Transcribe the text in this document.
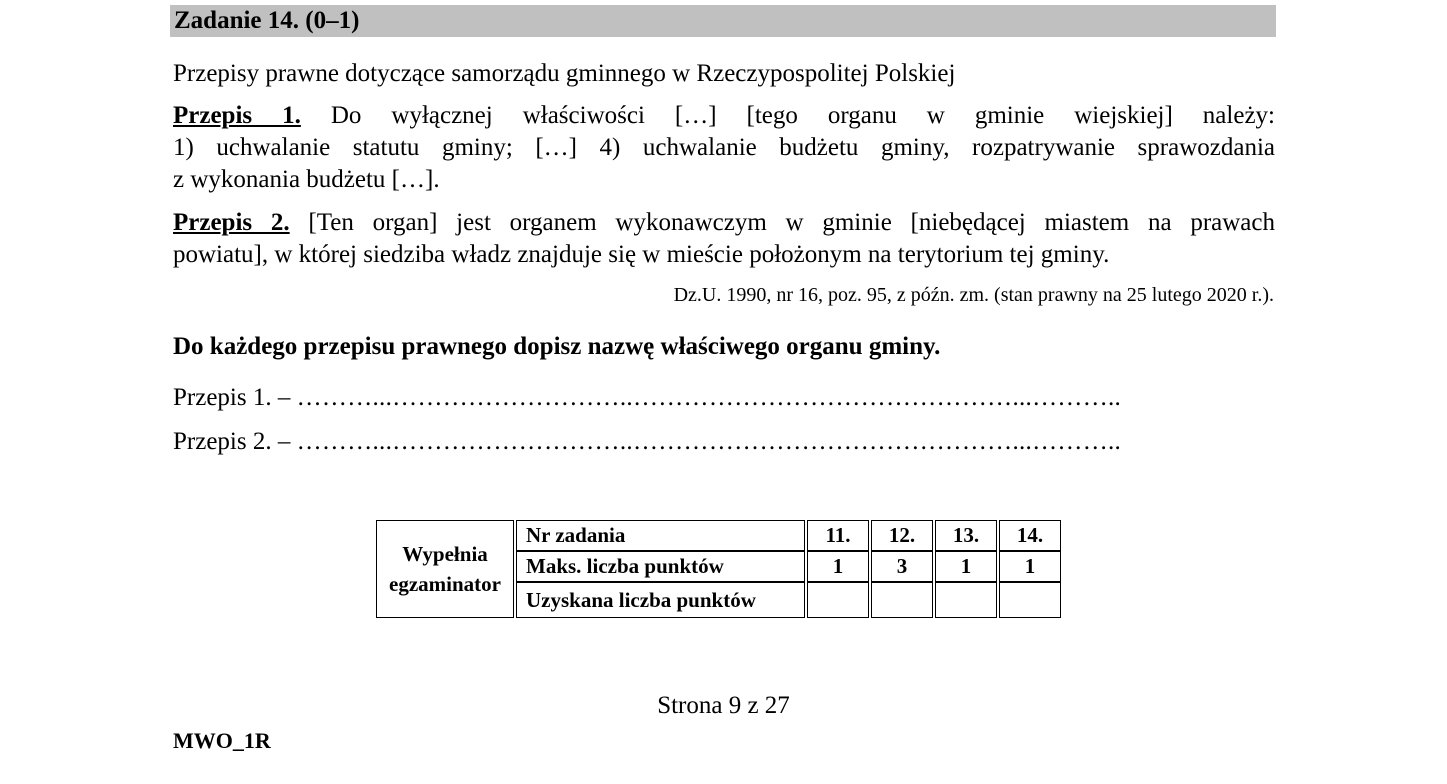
Zadanie 14. (0–1)
Przepisy prawne dotyczące samorządu gminnego w Rzeczypospolitej Polskiej
Przepis 1. Do wyłącznej właściwości […] [tego organu w gminie wiejskiej] należy:
1) uchwalanie statutu gminy; […] 4) uchwalanie budżetu gminy, rozpatrywanie sprawozdania
z wykonania budżetu […].
Przepis 2. [Ten organ] jest organem wykonawczym w gminie [niebędącej miastem na prawach
powiatu], w której siedziba władz znajduje się w mieście położonym na terytorium tej gminy.
Dz.U. 1990, nr 16, poz. 95, z późn. zm. (stan prawny na 25 lutego 2020 r.).
Do każdego przepisu prawnego dopisz nazwę właściwego organu gminy.
Przepis 1. – ………...………………………..………………………………………...………..
Przepis 2. – ………...………………………..………………………………………...………..
Wypełnia
egzaminator	Nr zadania	11.	12.	13.	14.
	Maks. liczba punktów	1	3	1	1
	Uzyskana liczba punktów				
Strona 9 z 27
MWO_1R
